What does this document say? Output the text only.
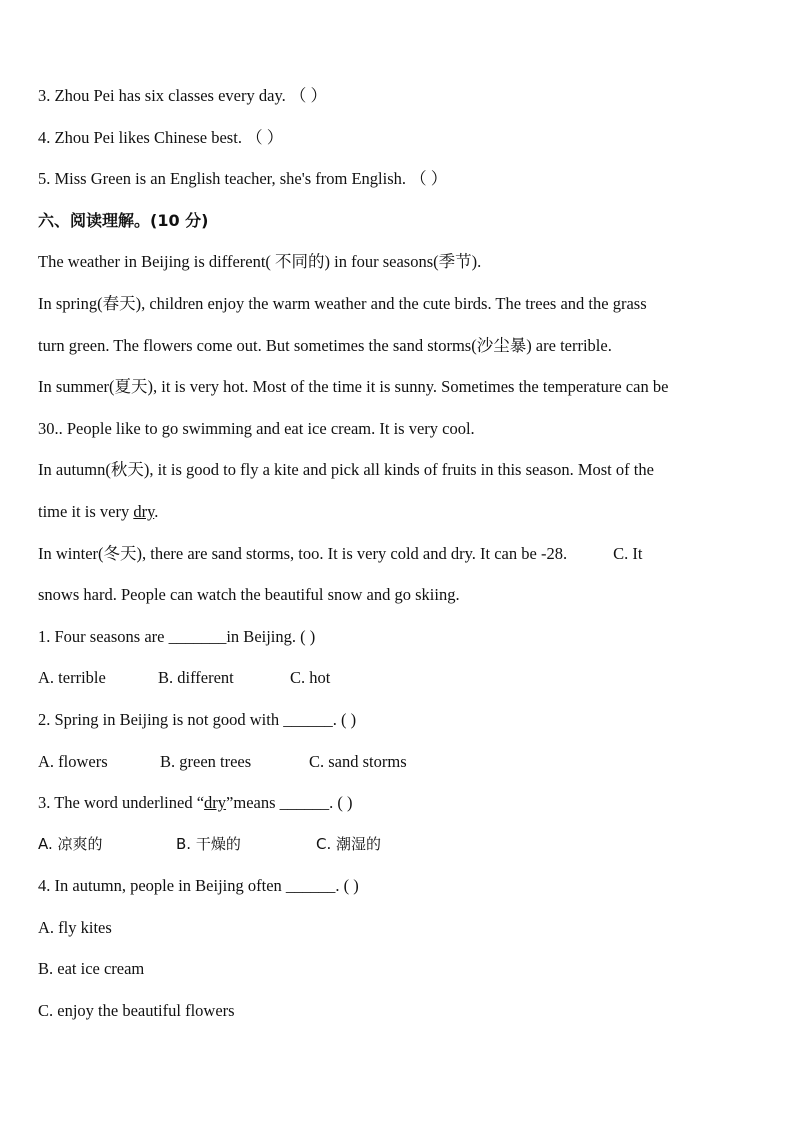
3. Zhou Pei has six classes every day. （ ）
4. Zhou Pei likes Chinese best. （ ）
5. Miss Green is an English teacher, she's from English. （ ）
六、阅读理解。(10 分)
The weather in Beijing is different( 不同的) in four seasons(季节).
In spring(春天), children enjoy the warm weather and the cute birds. The trees and the grass
turn green. The flowers come out. But sometimes the sand storms(沙尘暴) are terrible.
In summer(夏天), it is very hot. Most of the time it is sunny. Sometimes the temperature can be
30.. People like to go swimming and eat ice cream. It is very cool.
In autumn(秋天), it is good to fly a kite and pick all kinds of fruits in this season. Most of the
time it is very dry.
In winter(冬天), there are sand storms, too. It is very cold and dry. It can be -28.	C. It
snows hard. People can watch the beautiful snow and go skiing.
1. Four seasons are _______in Beijing. ( )
A. terrible	B. different	C. hot
2. Spring in Beijing is not good with ______. ( )
A. flowers	B. green trees	C. sand storms
3. The word underlined “dry”means ______. ( )
A. 凉爽的	B. 干燥的	C. 潮湿的
4. In autumn, people in Beijing often ______. ( )
A. fly kites
B. eat ice cream
C. enjoy the beautiful flowers
